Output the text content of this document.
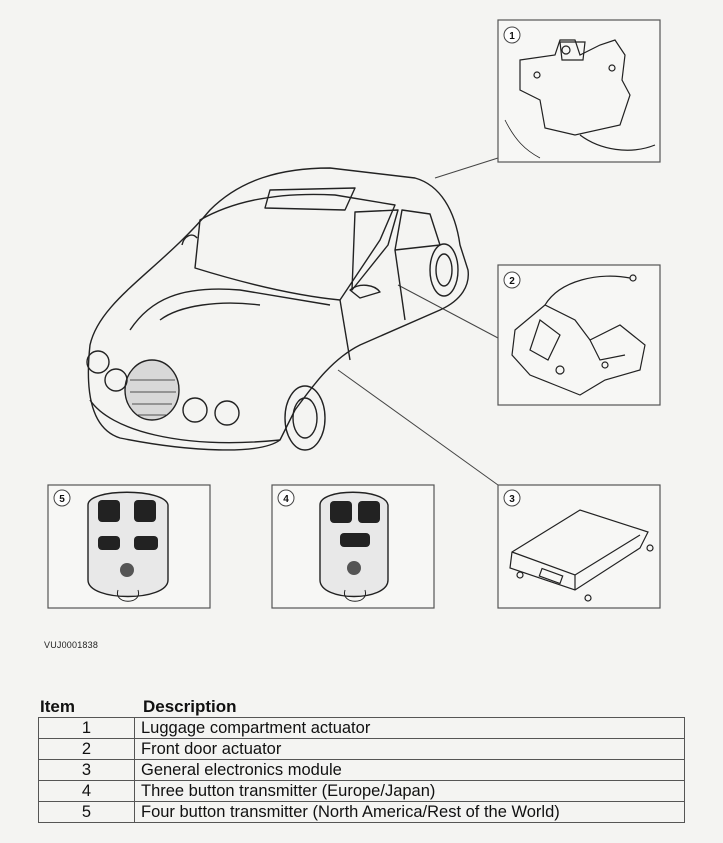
1
2
3
4
5
VUJ0001838
Item	Description
1	Luggage compartment actuator
2	Front door actuator
3	General electronics module
4	Three button transmitter (Europe/Japan)
5	Four button transmitter (North America/Rest of the World)
